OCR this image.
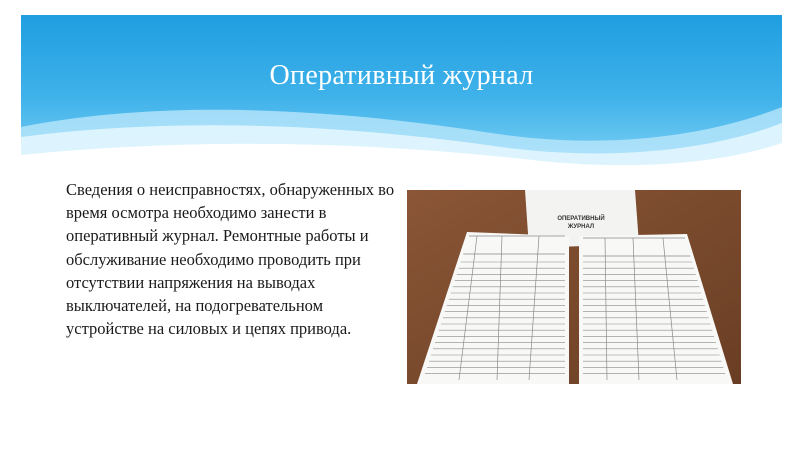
Оперативный журнал
Сведения о неисправностях, обнаруженных во время осмотра необходимо занести в оперативный журнал. Ремонтные работы и обслуживание необходимо проводить при отсутствии напряжения на выводах выключателей, на подогревательном устройстве на силовых и цепях привода.
ОПЕРАТИВНЫЙ
ЖУРНАЛ
